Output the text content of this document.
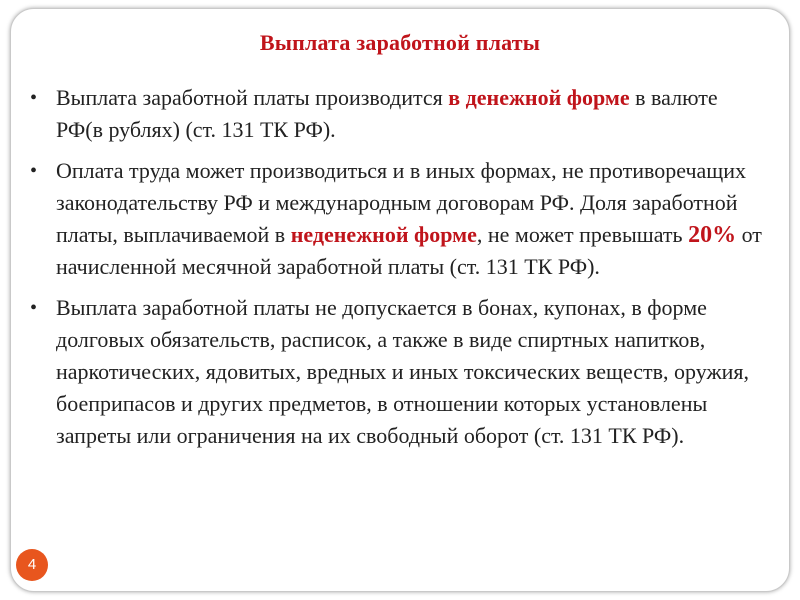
Выплата заработной платы
• Выплата заработной платы производится в денежной форме в валюте РФ(в рублях) (ст. 131 ТК РФ).
• Оплата труда может производиться и в иных формах, не противоречащих законодательству РФ и международным договорам РФ. Доля заработной платы, выплачиваемой в неденежной форме, не может превышать 20% от начисленной месячной заработной платы (ст. 131 ТК РФ).
• Выплата заработной платы не допускается в бонах, купонах, в форме долговых обязательств, расписок, а также в виде спиртных напитков, наркотических, ядовитых, вредных и иных токсических веществ, оружия, боеприпасов и других предметов, в отношении которых установлены запреты или ограничения на их свободный оборот (ст. 131 ТК РФ).
4
